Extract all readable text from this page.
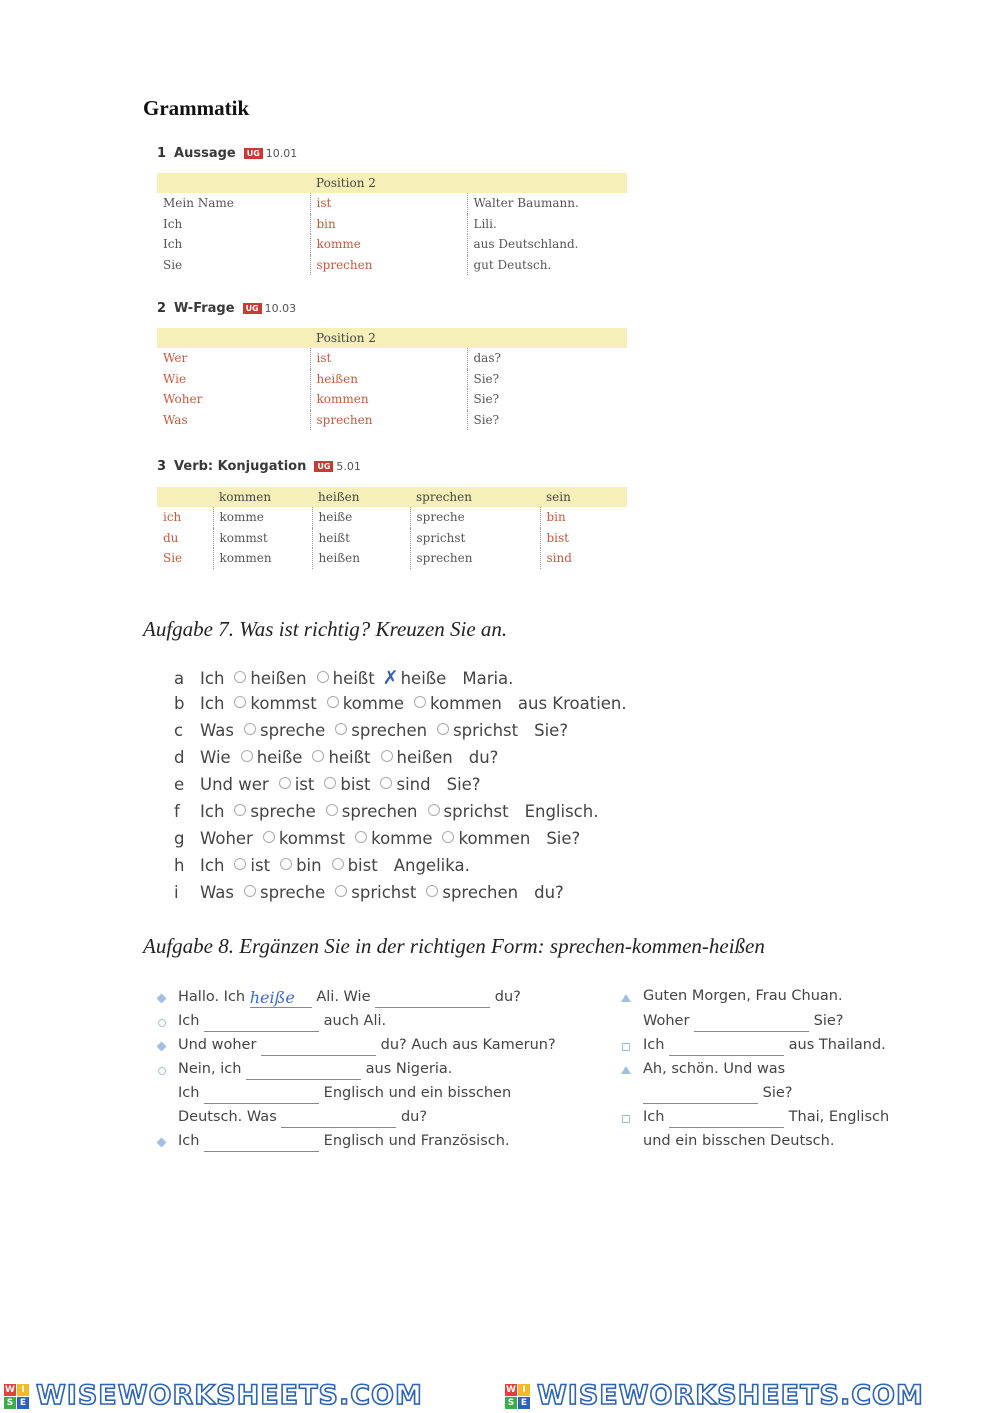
Grammatik
1 Aussage UG 10.01
	Position 2	
Mein Name	ist	Walter Baumann.
Ich	bin	Lili.
Ich	komme	aus Deutschland.
Sie	sprechen	gut Deutsch.
2 W-Frage UG 10.03
	Position 2	
Wer	ist	das?
Wie	heißen	Sie?
Woher	kommen	Sie?
Was	sprechen	Sie?
3 Verb: Konjugation UG 5.01
	kommen	heißen	sprechen	sein
ich	komme	heiße	spreche	bin
du	kommst	heißt	sprichst	bist
Sie	kommen	heißen	sprechen	sind

Aufgabe 7. Was ist richtig? Kreuzen Sie an.

a Ich heißen heißt ✗ heiße Maria.
b Ich kommst komme kommen aus Kroatien.
c Was spreche sprechen sprichst Sie?
d Wie heiße heißt heißen du?
e Und wer ist bist sind Sie?
f Ich spreche sprechen sprichst Englisch.
g Woher kommst komme kommen Sie?
h Ich ist bin bist Angelika.
i Was spreche sprichst sprechen du?

Aufgabe 8. Ergänzen Sie in der richtigen Form: sprechen-kommen-heißen

Hallo. Ich heiße Ali. Wie	du?
Ich	auch Ali.
Und woher	du? Auch aus Kamerun?
Nein, ich	aus Nigeria.
Ich	Englisch und ein bisschen
Deutsch. Was	du?
Ich	Englisch und Französisch.
Guten Morgen, Frau Chuan.
Woher	Sie?
Ich	aus Thailand.
Ah, schön. Und was
Sie?
Ich	Thai, Englisch
und ein bisschen Deutsch.
W I
S E WISEWORKSHEETS.COM	W I
S E WISEWORKSHEETS.COM
